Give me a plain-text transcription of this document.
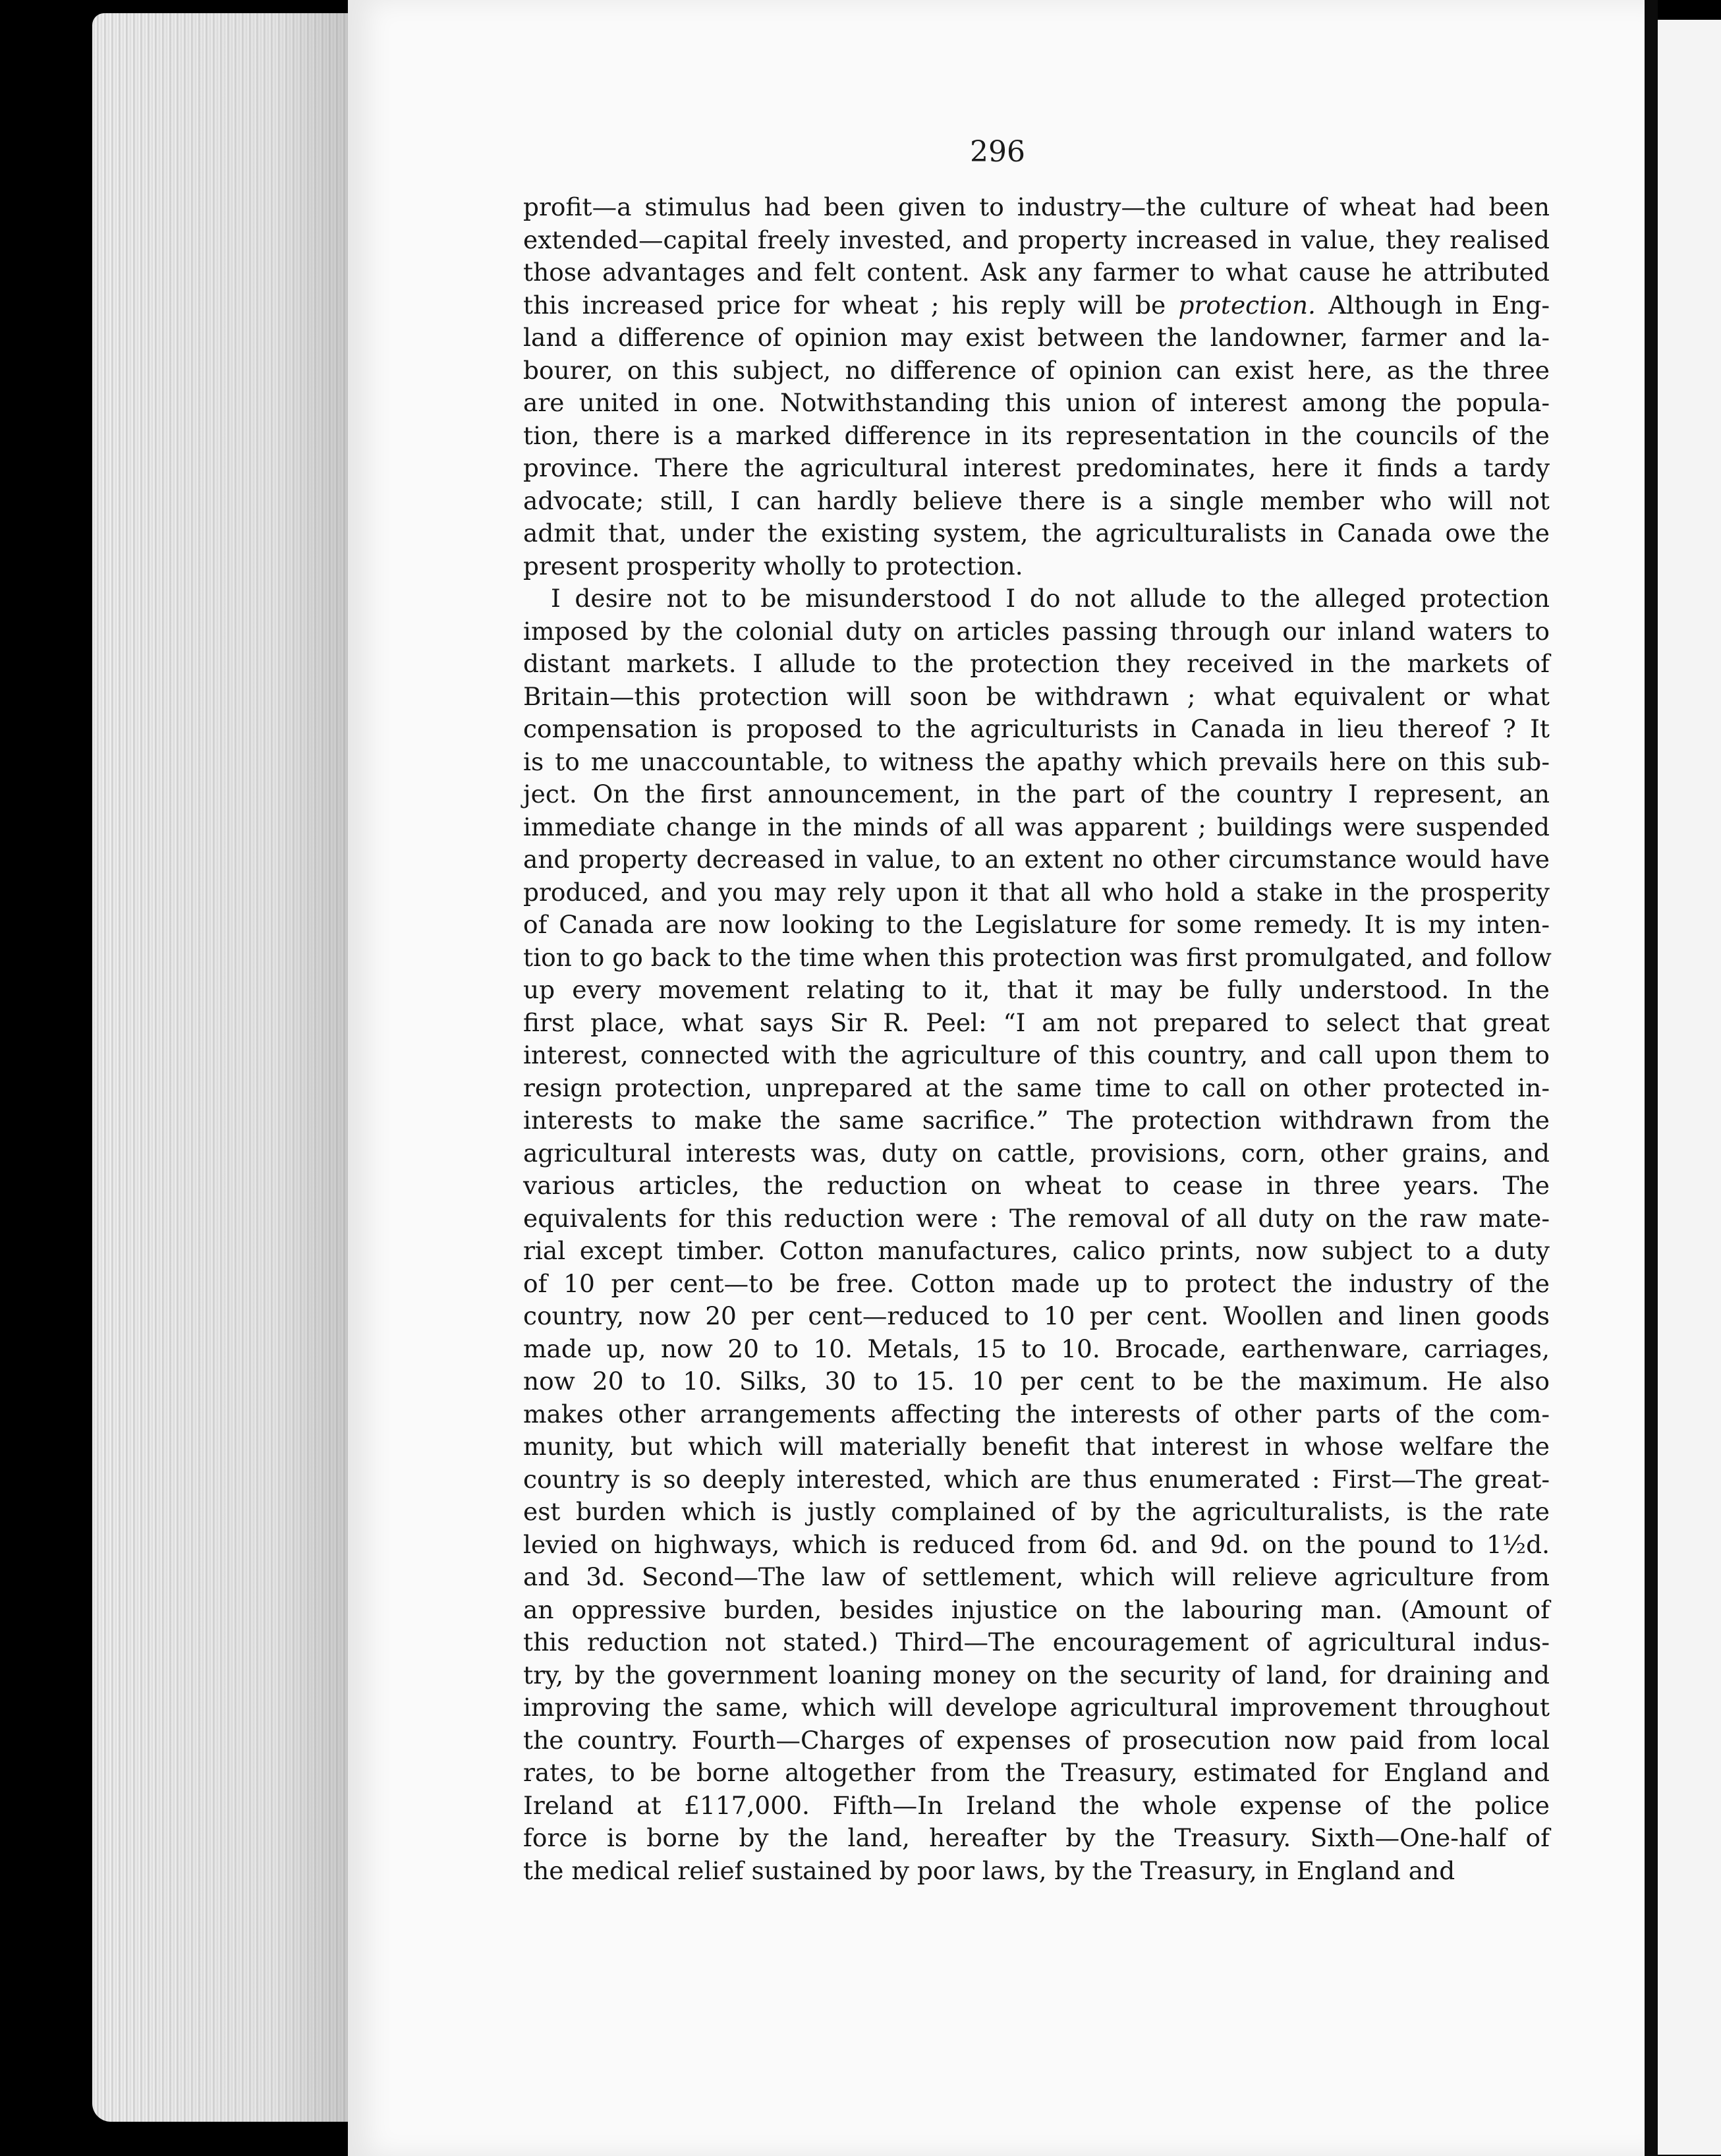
296
profit—a stimulus had been given to industry—the culture of wheat had been
extended—capital freely invested, and property increased in value, they realised
those advantages and felt content. Ask any farmer to what cause he attributed
this increased price for wheat ; his reply will be protection. Although in Eng-
land a difference of opinion may exist between the landowner, farmer and la-
bourer, on this subject, no difference of opinion can exist here, as the three
are united in one. Notwithstanding this union of interest among the popula-
tion, there is a marked difference in its representation in the councils of the
province. There the agricultural interest predominates, here it finds a tardy
advocate; still, I can hardly believe there is a single member who will not
admit that, under the existing system, the agriculturalists in Canada owe the
present prosperity wholly to protection.
I desire not to be misunderstood I do not allude to the alleged protection
imposed by the colonial duty on articles passing through our inland waters to
distant markets. I allude to the protection they received in the markets of
Britain—this protection will soon be withdrawn ; what equivalent or what
compensation is proposed to the agriculturists in Canada in lieu thereof ? It
is to me unaccountable, to witness the apathy which prevails here on this sub-
ject. On the first announcement, in the part of the country I represent, an
immediate change in the minds of all was apparent ; buildings were suspended
and property decreased in value, to an extent no other circumstance would have
produced, and you may rely upon it that all who hold a stake in the prosperity
of Canada are now looking to the Legislature for some remedy. It is my inten-
tion to go back to the time when this protection was first promulgated, and follow
up every movement relating to it, that it may be fully understood. In the
first place, what says Sir R. Peel: “I am not prepared to select that great
interest, connected with the agriculture of this country, and call upon them to
resign protection, unprepared at the same time to call on other protected in-
interests to make the same sacrifice.” The protection withdrawn from the
agricultural interests was, duty on cattle, provisions, corn, other grains, and
various articles, the reduction on wheat to cease in three years. The
equivalents for this reduction were : The removal of all duty on the raw mate-
rial except timber. Cotton manufactures, calico prints, now subject to a duty
of 10 per cent—to be free. Cotton made up to protect the industry of the
country, now 20 per cent—reduced to 10 per cent. Woollen and linen goods
made up, now 20 to 10. Metals, 15 to 10. Brocade, earthenware, carriages,
now 20 to 10. Silks, 30 to 15. 10 per cent to be the maximum. He also
makes other arrangements affecting the interests of other parts of the com-
munity, but which will materially benefit that interest in whose welfare the
country is so deeply interested, which are thus enumerated : First—The great-
est burden which is justly complained of by the agriculturalists, is the rate
levied on highways, which is reduced from 6d. and 9d. on the pound to 1½d.
and 3d. Second—The law of settlement, which will relieve agriculture from
an oppressive burden, besides injustice on the labouring man. (Amount of
this reduction not stated.) Third—The encouragement of agricultural indus-
try, by the government loaning money on the security of land, for draining and
improving the same, which will develope agricultural improvement throughout
the country. Fourth—Charges of expenses of prosecution now paid from local
rates, to be borne altogether from the Treasury, estimated for England and
Ireland at £117,000. Fifth—In Ireland the whole expense of the police
force is borne by the land, hereafter by the Treasury. Sixth—One-half of
the medical relief sustained by poor laws, by the Treasury, in England and
